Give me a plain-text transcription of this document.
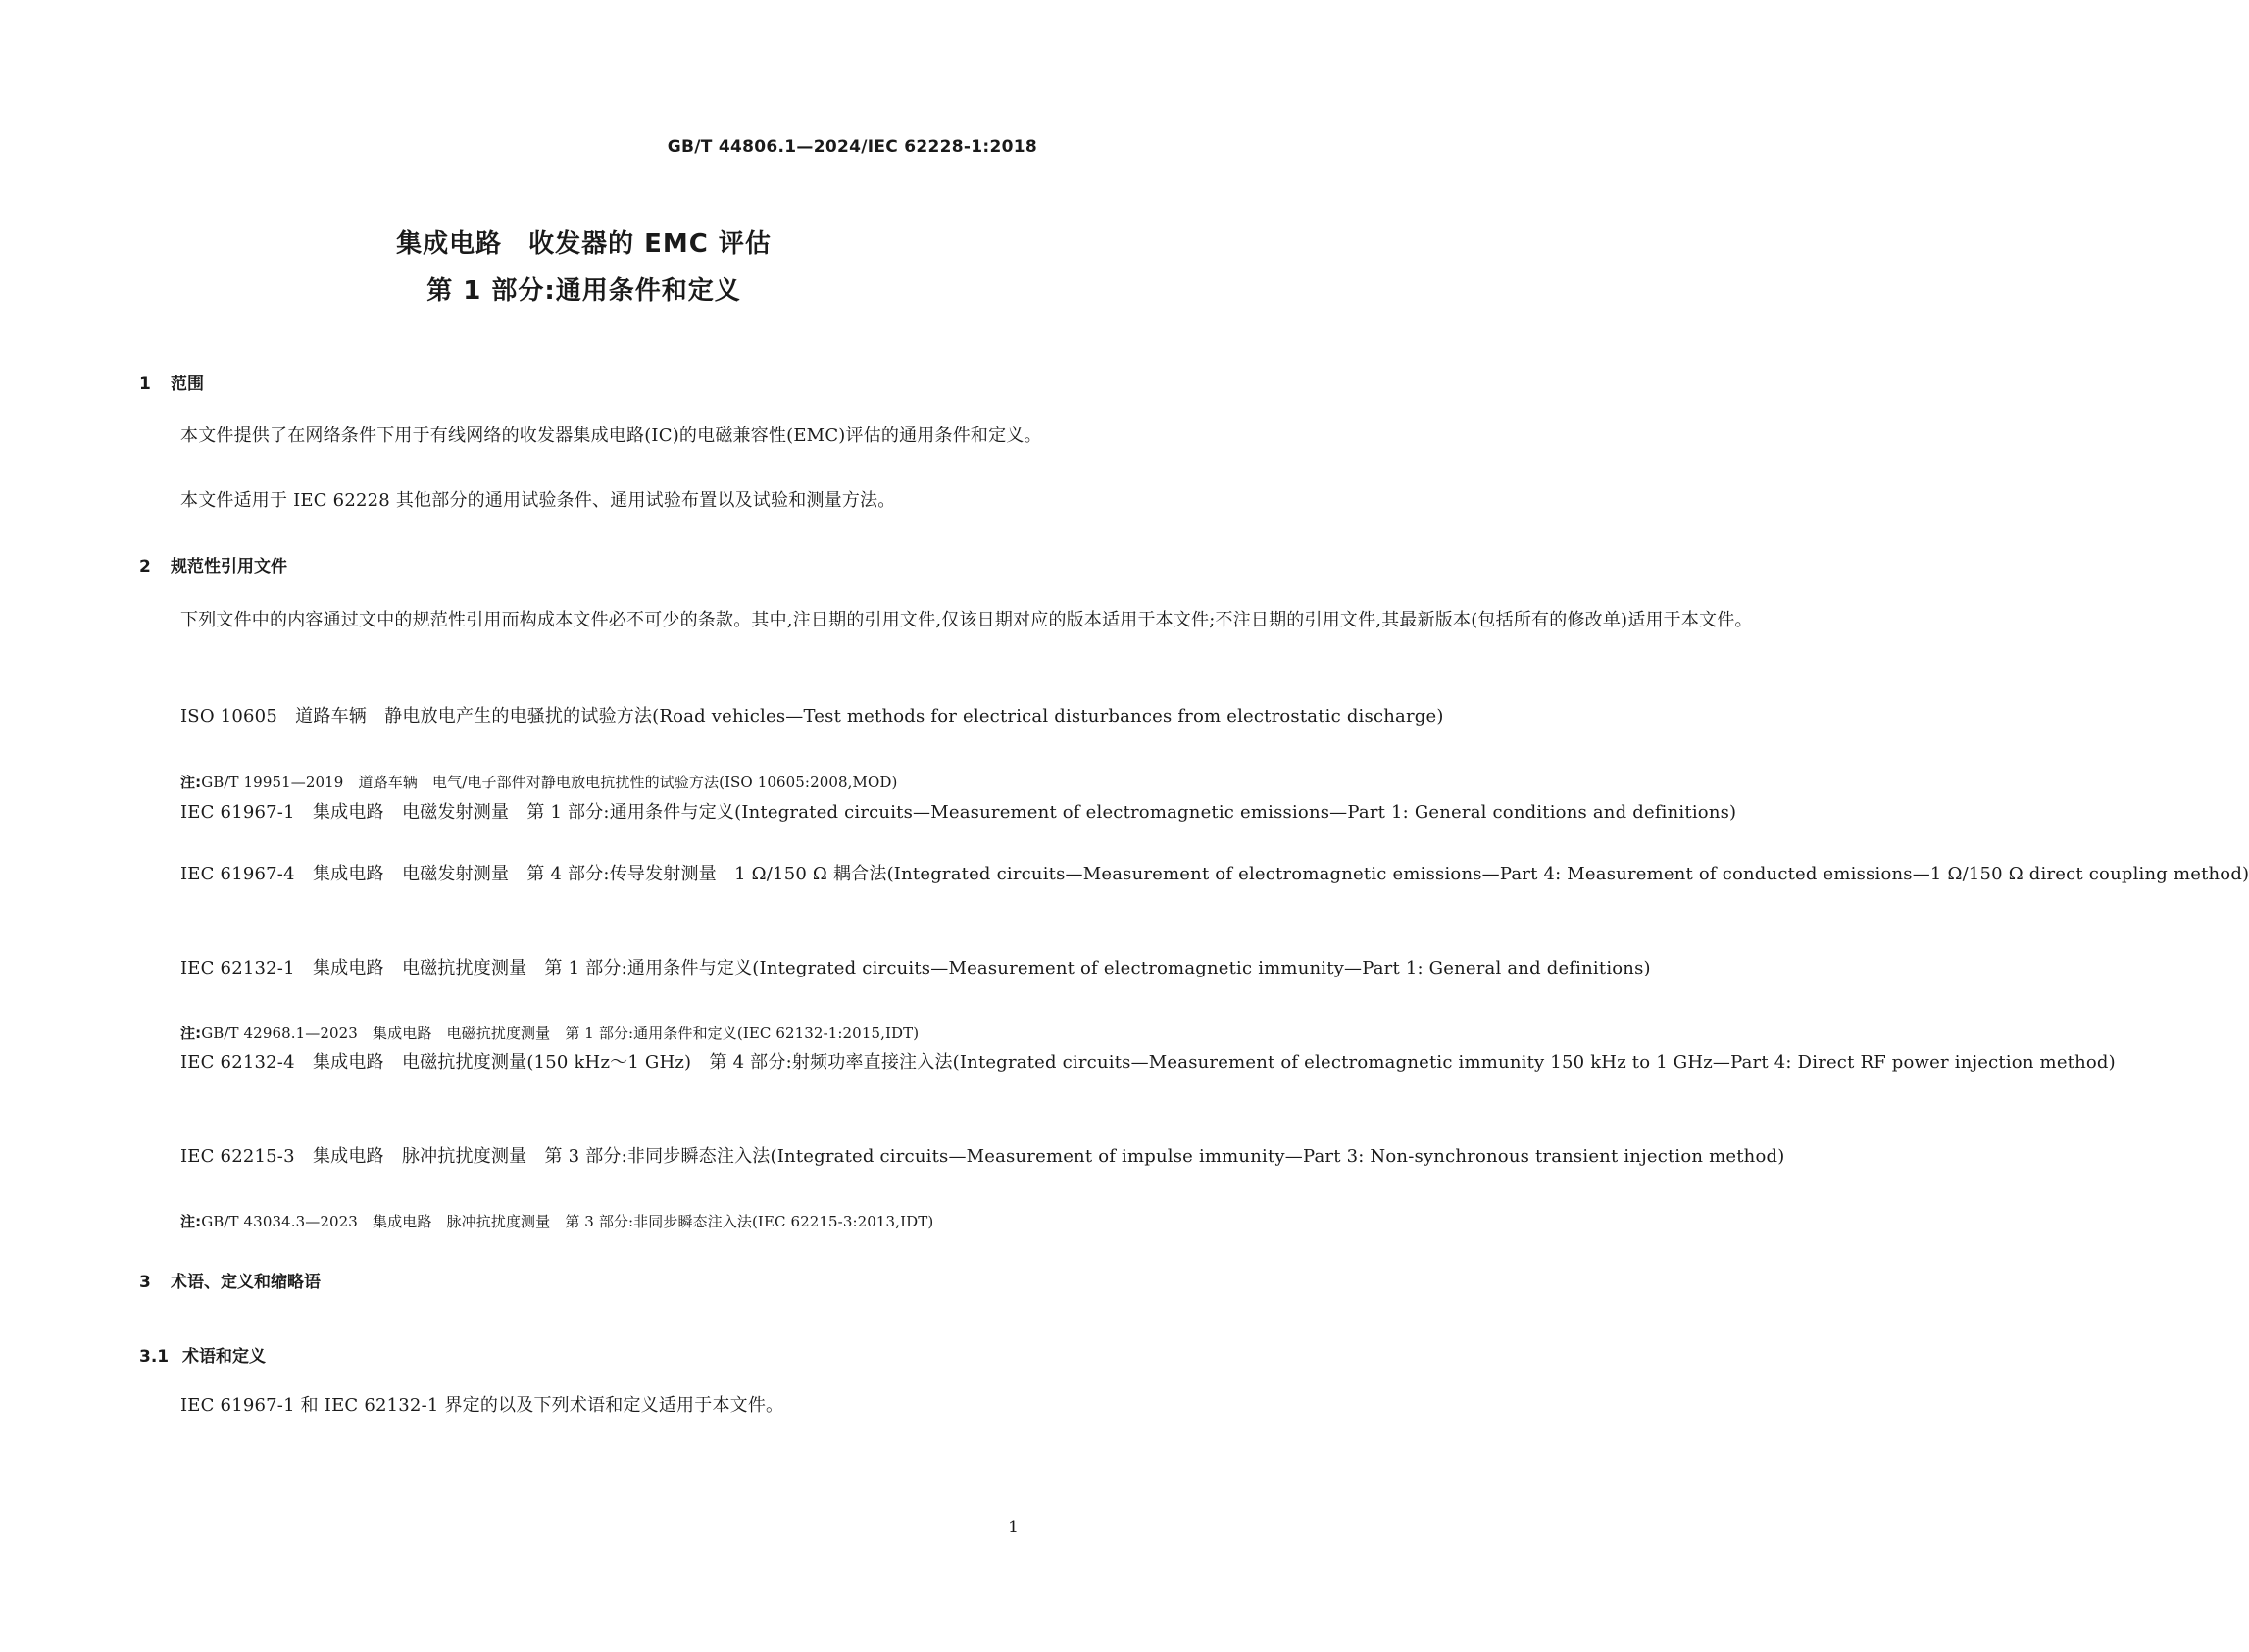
GB/T 44806.1—2024/IEC 62228-1:2018
集成电路　收发器的 EMC 评估
第 1 部分:通用条件和定义
1 范围
本文件提供了在网络条件下用于有线网络的收发器集成电路(IC)的电磁兼容性(EMC)评估的通用条件和定义。
本文件适用于 IEC 62228 其他部分的通用试验条件、通用试验布置以及试验和测量方法。
2 规范性引用文件
下列文件中的内容通过文中的规范性引用而构成本文件必不可少的条款。其中,注日期的引用文件,仅该日期对应的版本适用于本文件;不注日期的引用文件,其最新版本(包括所有的修改单)适用于本文件。
ISO 10605　道路车辆　静电放电产生的电骚扰的试验方法(Road vehicles—Test methods for electrical disturbances from electrostatic discharge)
注:GB/T 19951—2019　道路车辆　电气/电子部件对静电放电抗扰性的试验方法(ISO 10605:2008,MOD)
IEC 61967-1　集成电路　电磁发射测量　第 1 部分:通用条件与定义(Integrated circuits—Measurement of electromagnetic emissions—Part 1: General conditions and definitions)
IEC 61967-4　集成电路　电磁发射测量　第 4 部分:传导发射测量　1 Ω/150 Ω 耦合法(Integrated circuits—Measurement of electromagnetic emissions—Part 4: Measurement of conducted emissions—1 Ω/150 Ω direct coupling method)
IEC 62132-1　集成电路　电磁抗扰度测量　第 1 部分:通用条件与定义(Integrated circuits—Measurement of electromagnetic immunity—Part 1: General and definitions)
注:GB/T 42968.1—2023　集成电路　电磁抗扰度测量　第 1 部分:通用条件和定义(IEC 62132-1:2015,IDT)
IEC 62132-4　集成电路　电磁抗扰度测量(150 kHz～1 GHz)　第 4 部分:射频功率直接注入法(Integrated circuits—Measurement of electromagnetic immunity 150 kHz to 1 GHz—Part 4: Direct RF power injection method)
IEC 62215-3　集成电路　脉冲抗扰度测量　第 3 部分:非同步瞬态注入法(Integrated circuits—Measurement of impulse immunity—Part 3: Non-synchronous transient injection method)
注:GB/T 43034.3—2023　集成电路　脉冲抗扰度测量　第 3 部分:非同步瞬态注入法(IEC 62215-3:2013,IDT)
3 术语、定义和缩略语
3.1 术语和定义
IEC 61967-1 和 IEC 62132-1 界定的以及下列术语和定义适用于本文件。
1
